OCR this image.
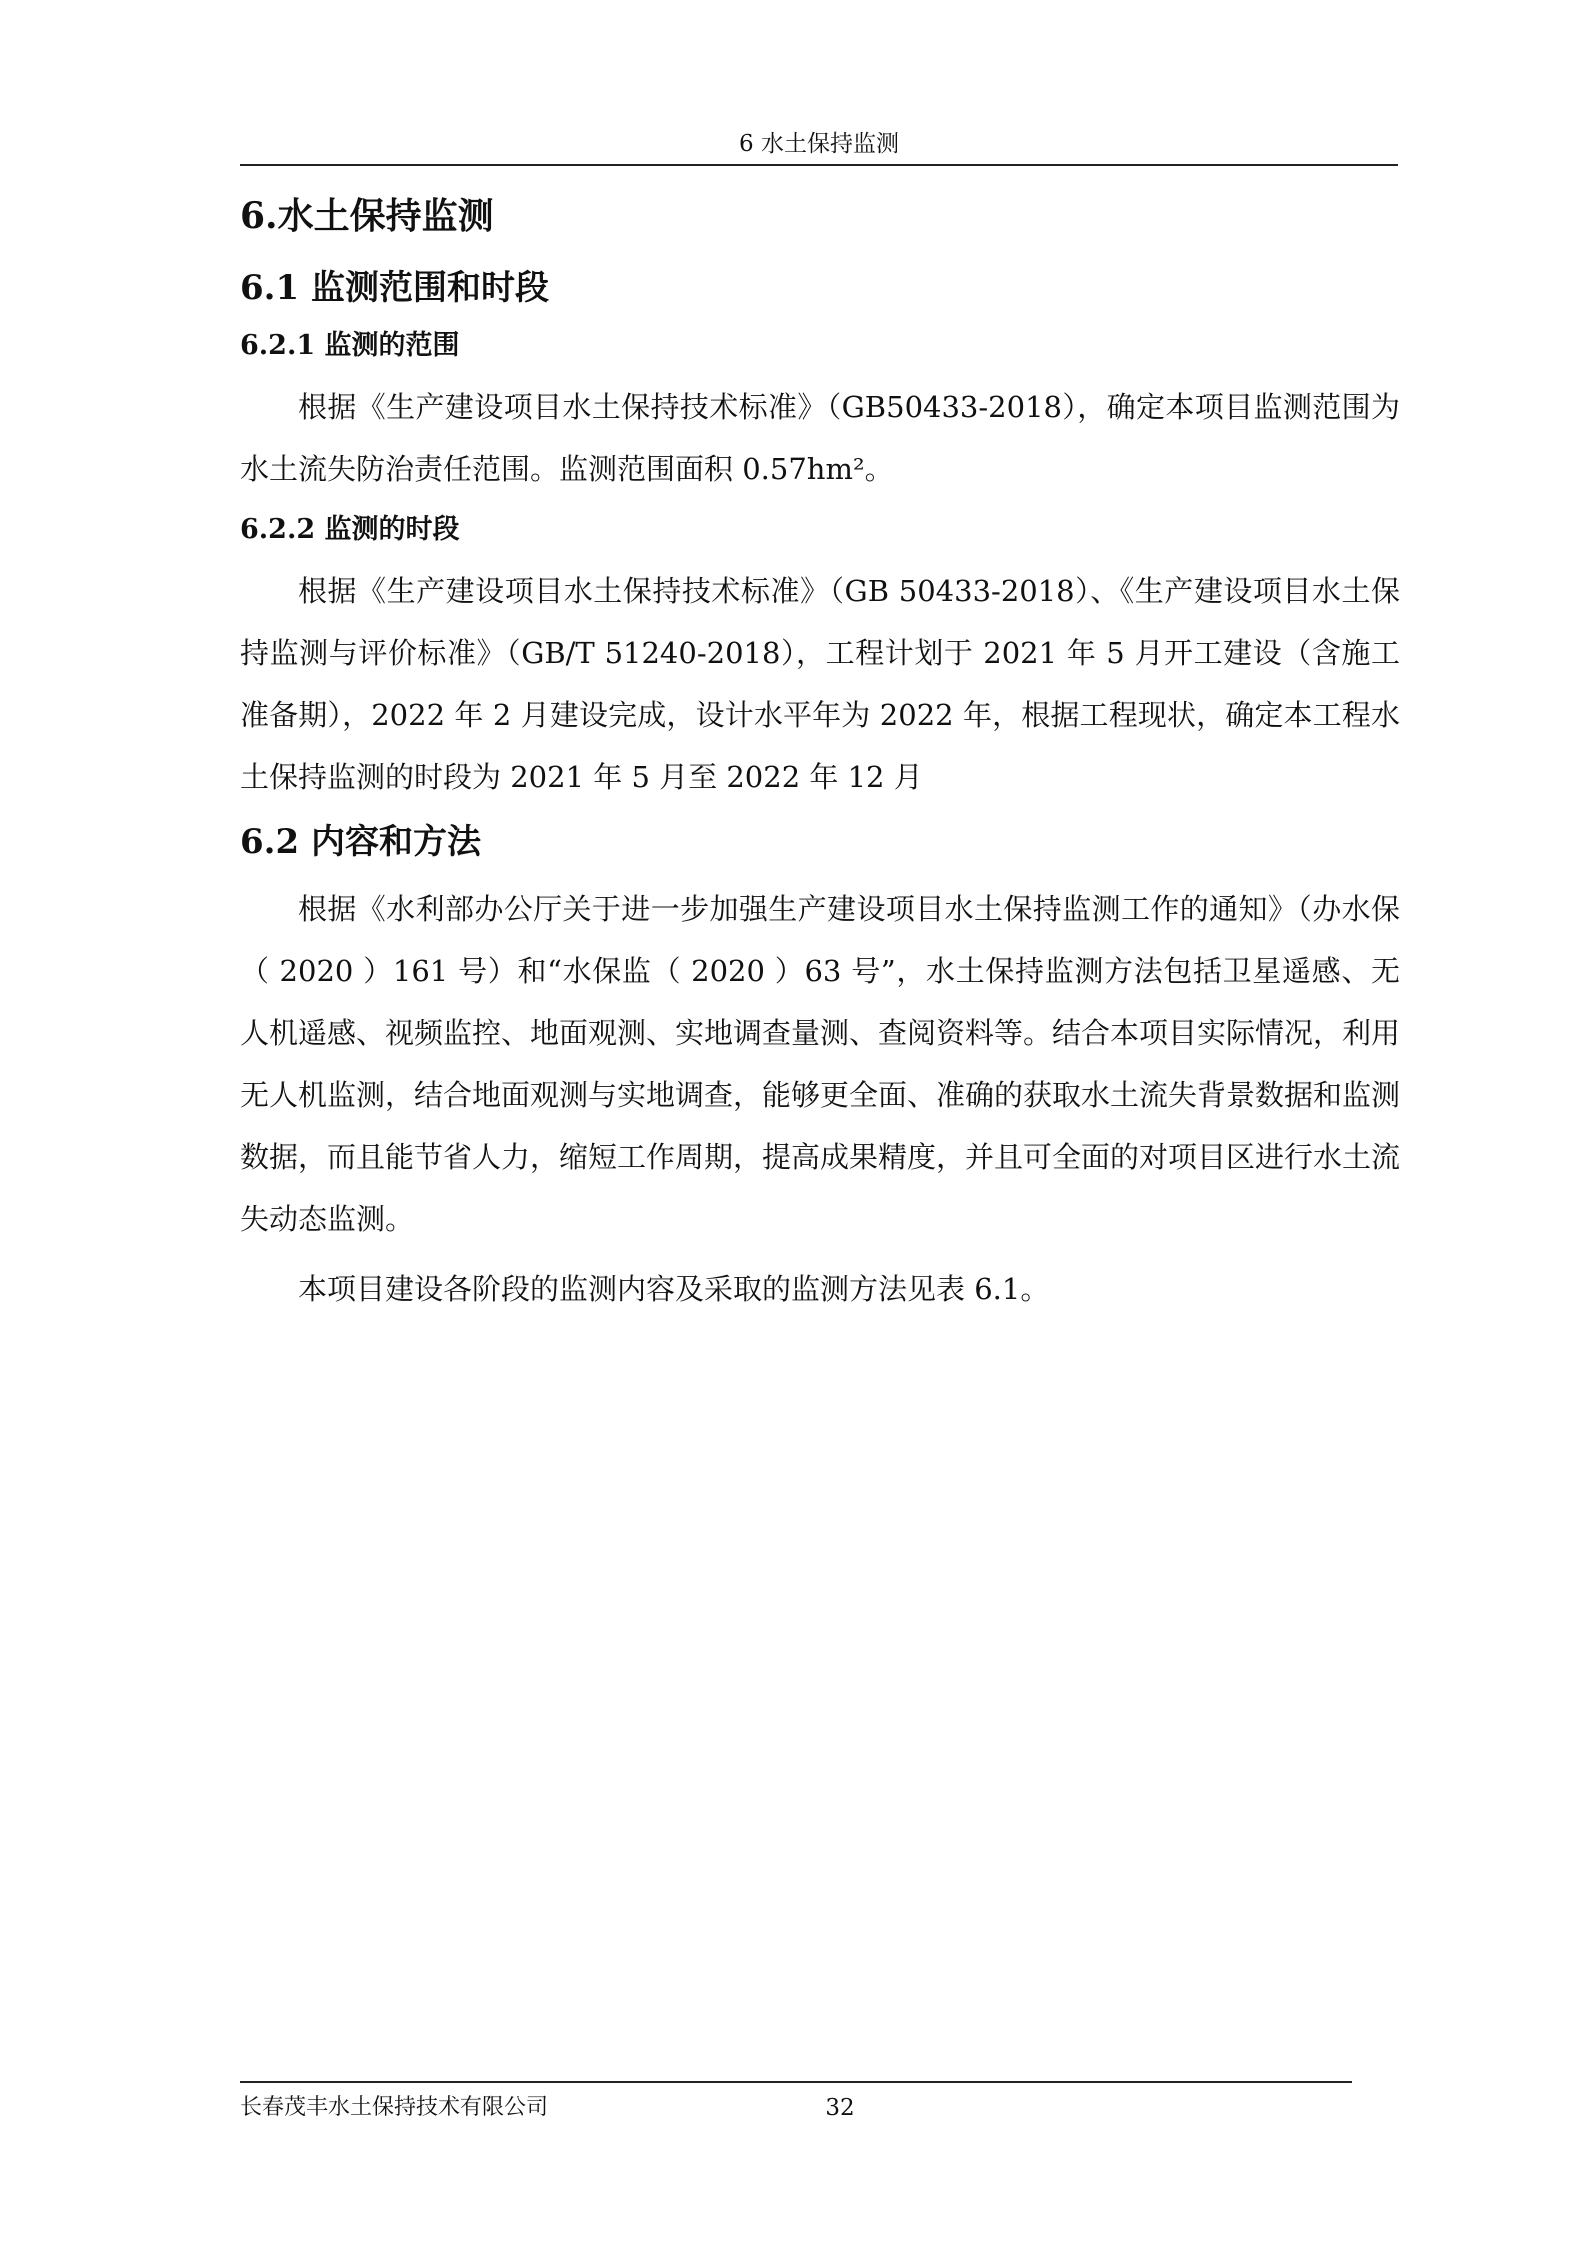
6 水土保持监测
6.水土保持监测
6.1 监测范围和时段
6.2.1 监测的范围

根据《生产建设项目水土保持技术标准》（GB50433-2018），确定本项目监测范围为水土流失防治责任范围。监测范围面积 0.57hm²。

6.2.2 监测的时段

根据《生产建设项目水土保持技术标准》（GB 50433-2018）、《生产建设项目水土保持监测与评价标准》（GB/T 51240-2018），工程计划于 2021 年 5 月开工建设（含施工准备期），2022 年 2 月建设完成，设计水平年为 2022 年，根据工程现状，确定本工程水土保持监测的时段为 2021 年 5 月至 2022 年 12 月

6.2 内容和方法

根据《水利部办公厅关于进一步加强生产建设项目水土保持监测工作的通知》（办水保（ 2020 ）161 号）和“水保监（ 2020 ）63 号”，水土保持监测方法包括卫星遥感、无人机遥感、视频监控、地面观测、实地调查量测、查阅资料等。结合本项目实际情况，利用无人机监测，结合地面观测与实地调查，能够更全面、准确的获取水土流失背景数据和监测数据，而且能节省人力，缩短工作周期，提高成果精度，并且可全面的对项目区进行水土流失动态监测。

本项目建设各阶段的监测内容及采取的监测方法见表 6.1。

长春茂丰水土保持技术有限公司	32
